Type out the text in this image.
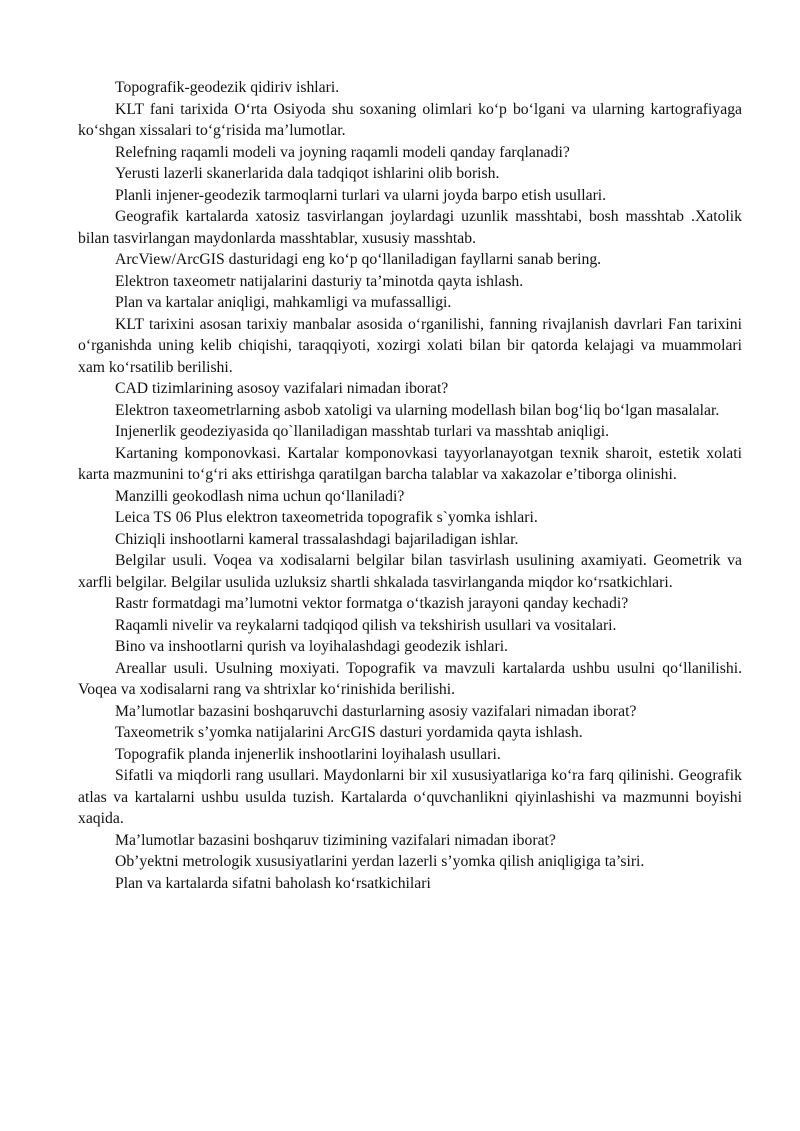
Topografik-geodezik qidiriv ishlari.

KLT fani tarixida O‘rta Osiyoda shu soxaning olimlari ko‘p bo‘lgani va ularning kartografiyaga ko‘shgan xissalari to‘g‘risida ma’lumotlar.

Relefning raqamli modeli va joyning raqamli modeli qanday farqlanadi?

Yerusti lazerli skanerlarida dala tadqiqot ishlarini olib borish.

Planli injener-geodezik tarmoqlarni turlari va ularni joyda barpo etish usullari.

Geografik kartalarda xatosiz tasvirlangan joylardagi uzunlik masshtabi, bosh masshtab .Xatolik bilan tasvirlangan maydonlarda masshtablar, xususiy masshtab.

ArcView/ArcGIS dasturidagi eng ko‘p qo‘llaniladigan fayllarni sanab bering.

Elektron taxeometr natijalarini dasturiy ta’minotda qayta ishlash.

Plan va kartalar aniqligi, mahkamligi va mufassalligi.

KLT tarixini asosan tarixiy manbalar asosida o‘rganilishi, fanning rivajlanish davrlari Fan tarixini o‘rganishda uning kelib chiqishi, taraqqiyoti, xozirgi xolati bilan bir qatorda kelajagi va muammolari xam ko‘rsatilib berilishi.

CAD tizimlarining asosoy vazifalari nimadan iborat?

Elektron taxeometrlarning asbob xatoligi va ularning modellash bilan bog‘liq bo‘lgan masalalar.

Injenerlik geodeziyasida qo`llaniladigan masshtab turlari va masshtab aniqligi.

Kartaning komponovkasi. Kartalar komponovkasi tayyorlanayotgan texnik sharoit, estetik xolati karta mazmunini to‘g‘ri aks ettirishga qaratilgan barcha talablar va xakazolar e’tiborga olinishi.

Manzilli geokodlash nima uchun qo‘llaniladi?

Leica TS 06 Plus elektron taxeometrida topografik s`yomka ishlari.

Chiziqli inshootlarni kameral trassalashdagi bajariladigan ishlar.

Belgilar usuli. Voqea va xodisalarni belgilar bilan tasvirlash usulining axamiyati. Geometrik va xarfli belgilar. Belgilar usulida uzluksiz shartli shkalada tasvirlanganda miqdor ko‘rsatkichlari.

Rastr formatdagi ma’lumotni vektor formatga o‘tkazish jarayoni qanday kechadi?

Raqamli nivelir va reykalarni tadqiqod qilish va tekshirish usullari va vositalari.

Bino va inshootlarni qurish va loyihalashdagi geodezik ishlari.

Areallar usuli. Usulning moxiyati. Topografik va mavzuli kartalarda ushbu usulni qo‘llanilishi. Voqea va xodisalarni rang va shtrixlar ko‘rinishida berilishi.

Ma’lumotlar bazasini boshqaruvchi dasturlarning asosiy vazifalari nimadan iborat?

Taxeometrik s’yomka natijalarini ArcGIS dasturi yordamida qayta ishlash.

Topografik planda injenerlik inshootlarini loyihalash usullari.

Sifatli va miqdorli rang usullari. Maydonlarni bir xil xususiyatlariga ko‘ra farq qilinishi. Geografik atlas va kartalarni ushbu usulda tuzish. Kartalarda o‘quvchanlikni qiyinlashishi va mazmunni boyishi xaqida.

Ma’lumotlar bazasini boshqaruv tizimining vazifalari nimadan iborat?

Ob’yektni metrologik xususiyatlarini yerdan lazerli s’yomka qilish aniqligiga ta’siri.

Plan va kartalarda sifatni baholash ko‘rsatkichilari
